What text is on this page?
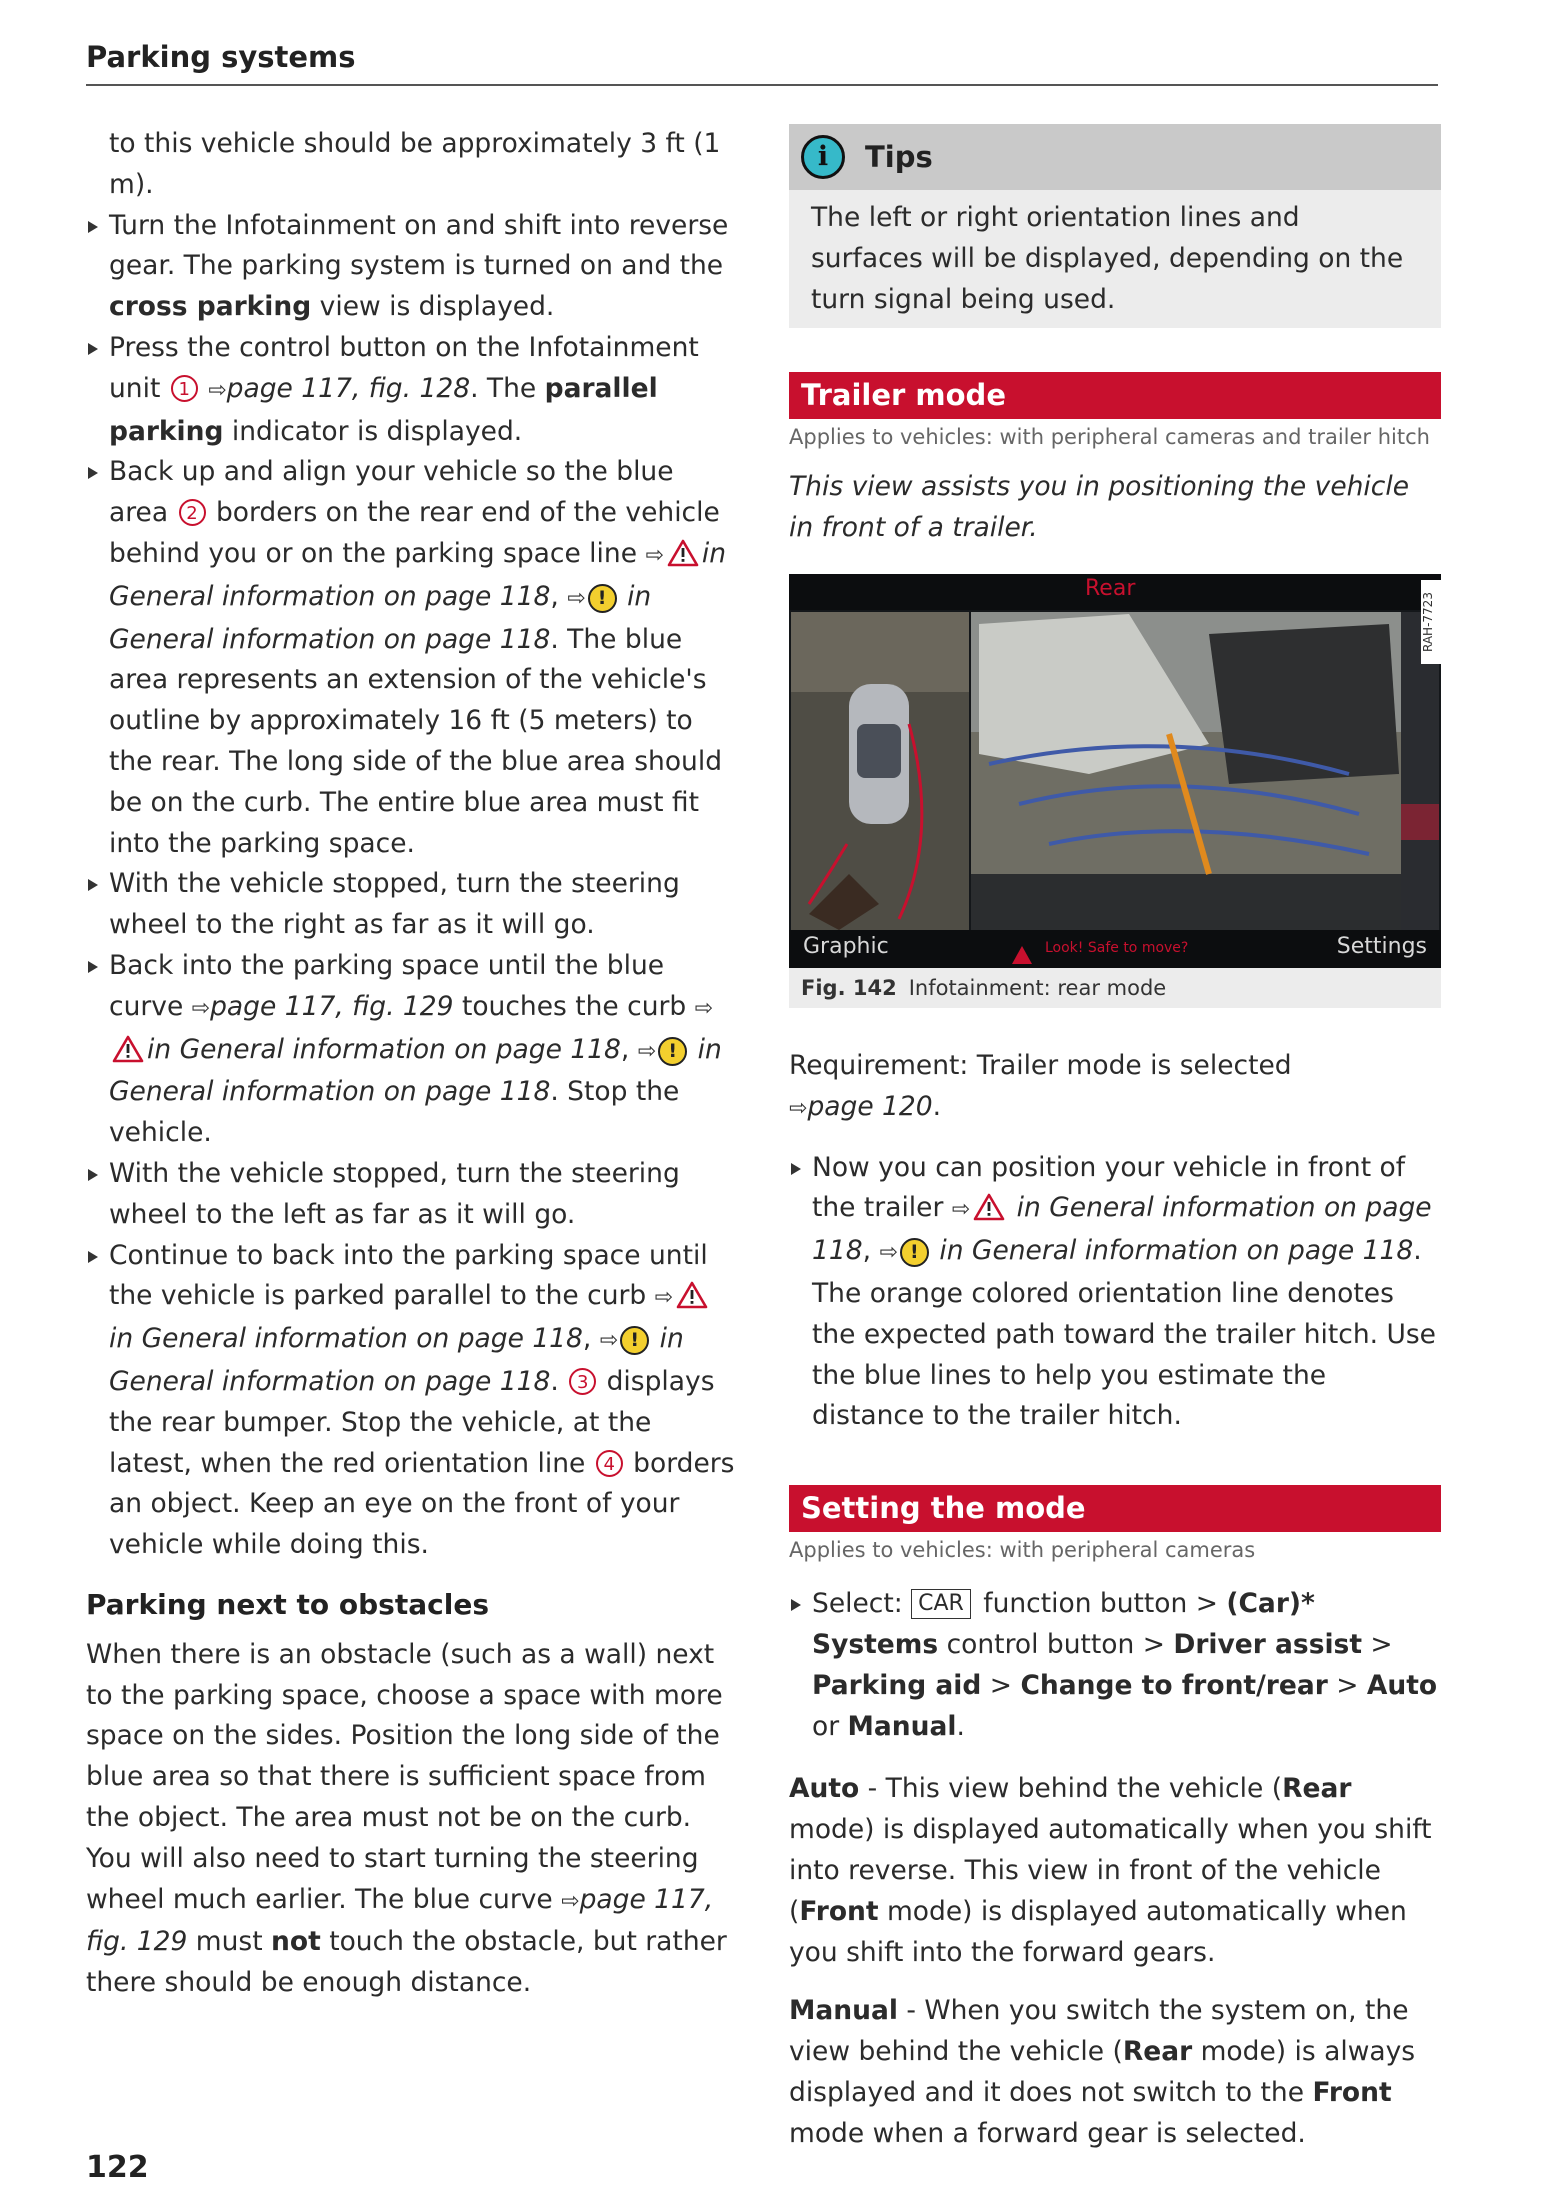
Parking systems

to this vehicle should be approximately 3 ft (1 m).

Turn the Infotainment on and shift into reverse gear. The parking system is turned on and the cross parking view is displayed.

Press the control button on the Infotainment unit 1 ⇨page 117, fig. 128. The parallel parking indicator is displayed.

Back up and align your vehicle so the blue area 2 borders on the rear end of the vehicle behind you or on the parking space line ⇨ in General information on page 118, ⇨ ! in General information on page 118. The blue area represents an extension of the vehicle's outline by approximately 16 ft (5 meters) to the rear. The long side of the blue area should be on the curb. The entire blue area must fit into the parking space.

With the vehicle stopped, turn the steering wheel to the right as far as it will go.

Back into the parking space until the blue curve ⇨page 117, fig. 129 touches the curb ⇨in General information on page 118, ⇨ ! in General information on page 118. Stop the vehicle.

With the vehicle stopped, turn the steering wheel to the left as far as it will go.

Continue to back into the parking space until the vehicle is parked parallel to the curb ⇨ in General information on page 118, ⇨ ! in General information on page 118. 3 displays the rear bumper. Stop the vehicle, at the latest, when the red orientation line 4 borders an object. Keep an eye on the front of your vehicle while doing this.

Parking next to obstacles

When there is an obstacle (such as a wall) next to the parking space, choose a space with more space on the sides. Position the long side of the blue area so that there is sufficient space from the object. The area must not be on the curb. You will also need to start turning the steering wheel much earlier. The blue curve ⇨page 117, fig. 129 must not touch the obstacle, but rather there should be enough distance.

i	Tips
The left or right orientation lines and surfaces will be displayed, depending on the turn signal being used.
Trailer mode
Applies to vehicles: with peripheral cameras and trailer hitch

This view assists you in positioning the vehicle in front of a trailer.

Rear
Graphic	Look! Safe to move?	Settings
RAH-7723
Fig. 142 Infotainment: rear mode

Requirement: Trailer mode is selected
⇨page 120.

Now you can position your vehicle in front of the trailer ⇨ in General information on page 118, ⇨ ! in General information on page 118. The orange colored orientation line denotes the expected path toward the trailer hitch. Use the blue lines to help you estimate the distance to the trailer hitch.

Setting the mode
Applies to vehicles: with peripheral cameras

Select: CAR function button > (Car)* Systems control button > Driver assist > Parking aid > Change to front/rear > Auto or Manual.

Auto - This view behind the vehicle (Rear mode) is displayed automatically when you shift into reverse. This view in front of the vehicle (Front mode) is displayed automatically when you shift into the forward gears.

Manual - When you switch the system on, the view behind the vehicle (Rear mode) is always displayed and it does not switch to the Front mode when a forward gear is selected.

122
